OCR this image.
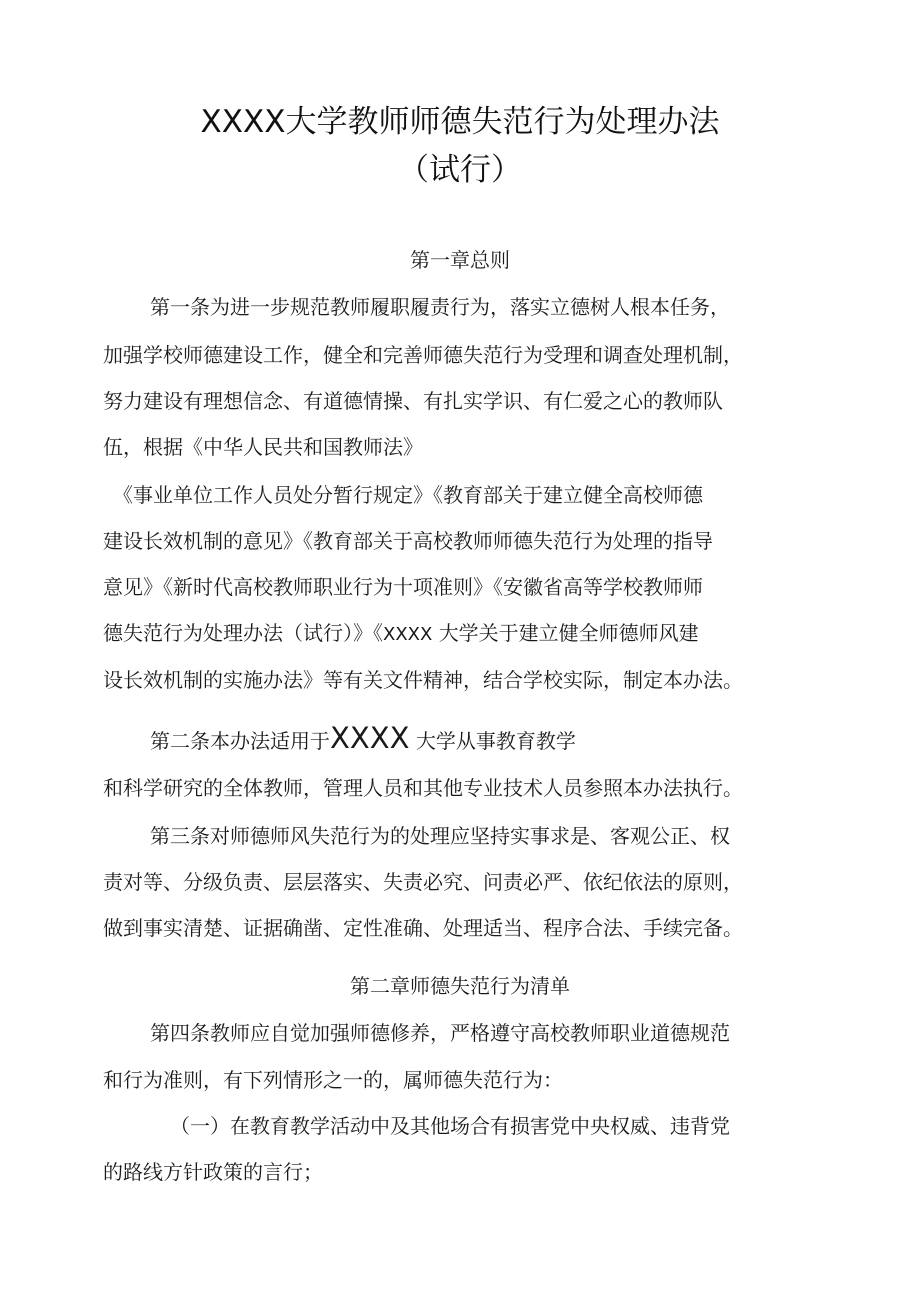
XXXX大学教师师德失范行为处理办法
（试行）
第一章总则
第一条为进一步规范教师履职履责行为，落实立德树人根本任务，
加强学校师德建设工作，健全和完善师德失范行为受理和调查处理机制，
努力建设有理想信念、有道德情操、有扎实学识、有仁爱之心的教师队
伍，根据《中华人民共和国教师法》
《事业单位工作人员处分暂行规定》《教育部关于建立健全高校师德
建设长效机制的意见》《教育部关于高校教师师德失范行为处理的指导
意见》《新时代高校教师职业行为十项准则》《安徽省高等学校教师师
德失范行为处理办法（试行）》《XXXX 大学关于建立健全师德师风建
设长效机制的实施办法》等有关文件精神，结合学校实际，制定本办法。
第二条本办法适用于XXXX 大学从事教育教学
和科学研究的全体教师，管理人员和其他专业技术人员参照本办法执行。
第三条对师德师风失范行为的处理应坚持实事求是、客观公正、权
责对等、分级负责、层层落实、失责必究、问责必严、依纪依法的原则，
做到事实清楚、证据确凿、定性准确、处理适当、程序合法、手续完备。
第二章师德失范行为清单
第四条教师应自觉加强师德修养，严格遵守高校教师职业道德规范
和行为准则，有下列情形之一的，属师德失范行为：
（一）在教育教学活动中及其他场合有损害党中央权威、违背党
的路线方针政策的言行；
